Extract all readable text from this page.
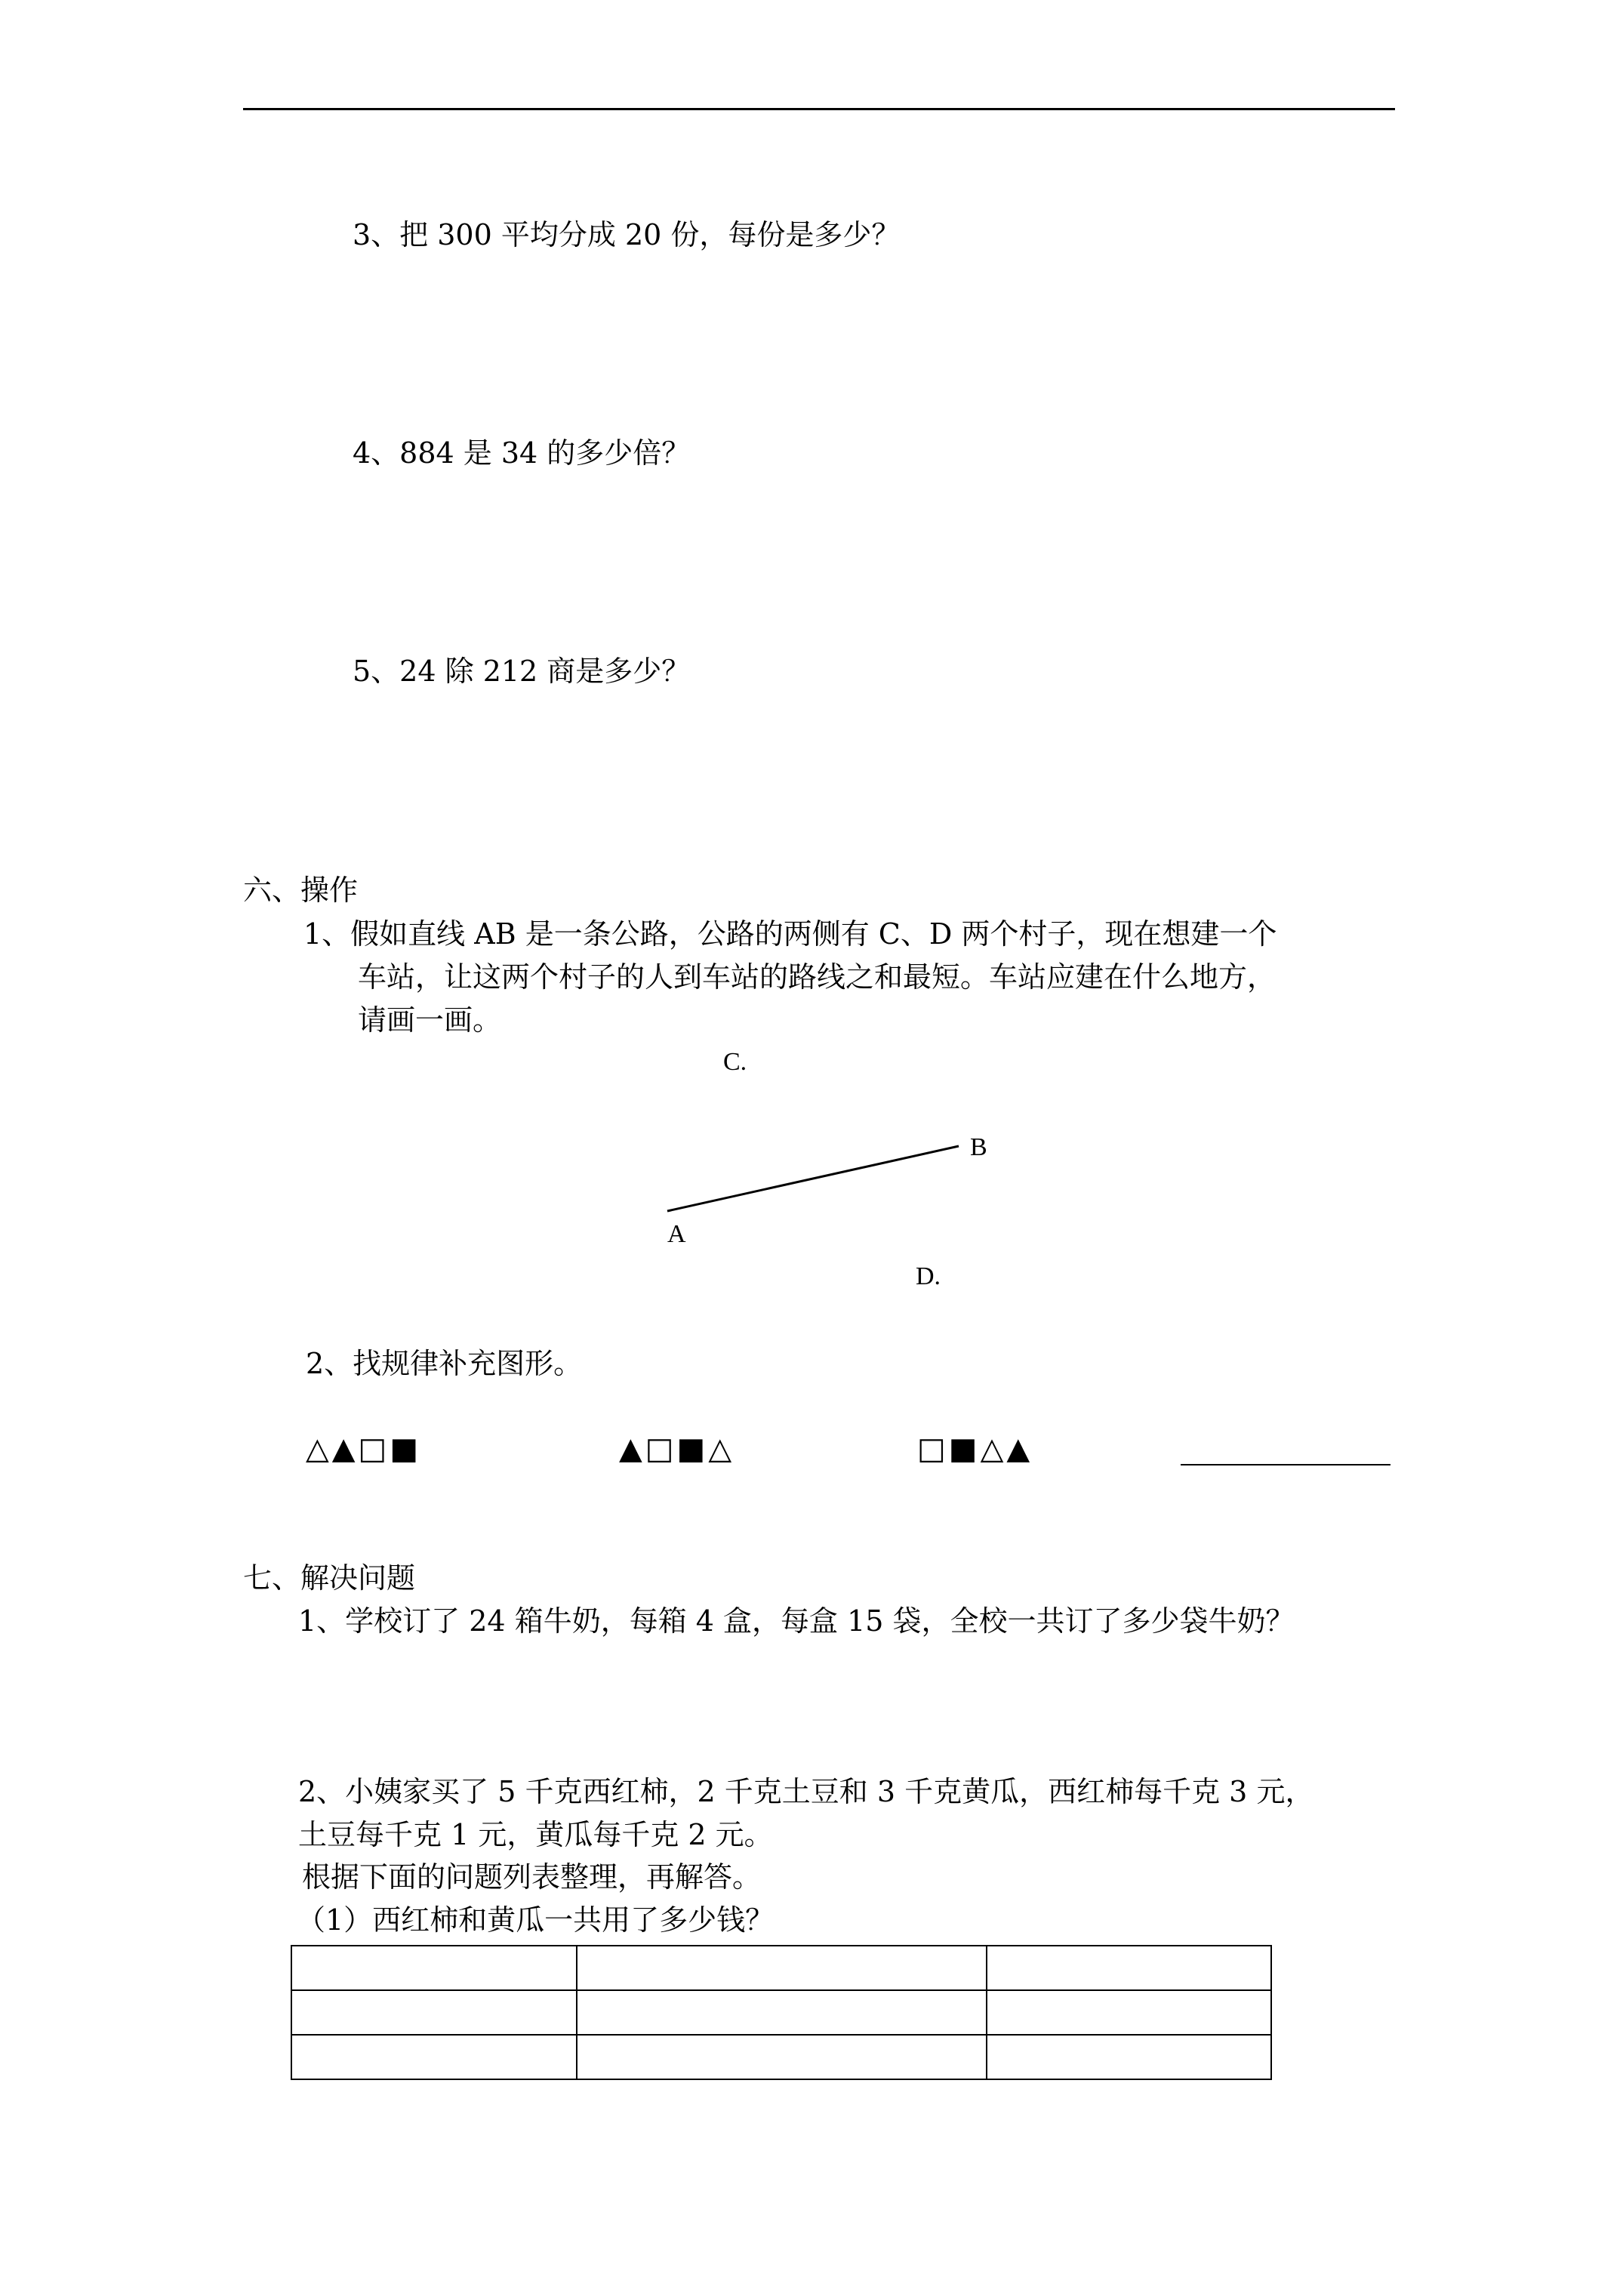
3、把 300 平均分成 20 份，每份是多少？
4、884 是 34 的多少倍？
5、24 除 212 商是多少？
六、操作
1、假如直线 AB 是一条公路，公路的两侧有 C、D 两个村子，现在想建一个
车站，让这两个村子的人到车站的路线之和最短。车站应建在什么地方，
请画一画。
C.
B
A
D.
2、找规律补充图形。
△▲□■	▲□■△	□■△▲
七、解决问题
1、学校订了 24 箱牛奶，每箱 4 盒，每盒 15 袋，全校一共订了多少袋牛奶？
2、小姨家买了 5 千克西红柿，2 千克土豆和 3 千克黄瓜，西红柿每千克 3 元，
土豆每千克 1 元，黄瓜每千克 2 元。
根据下面的问题列表整理，再解答。
（1）西红柿和黄瓜一共用了多少钱？
